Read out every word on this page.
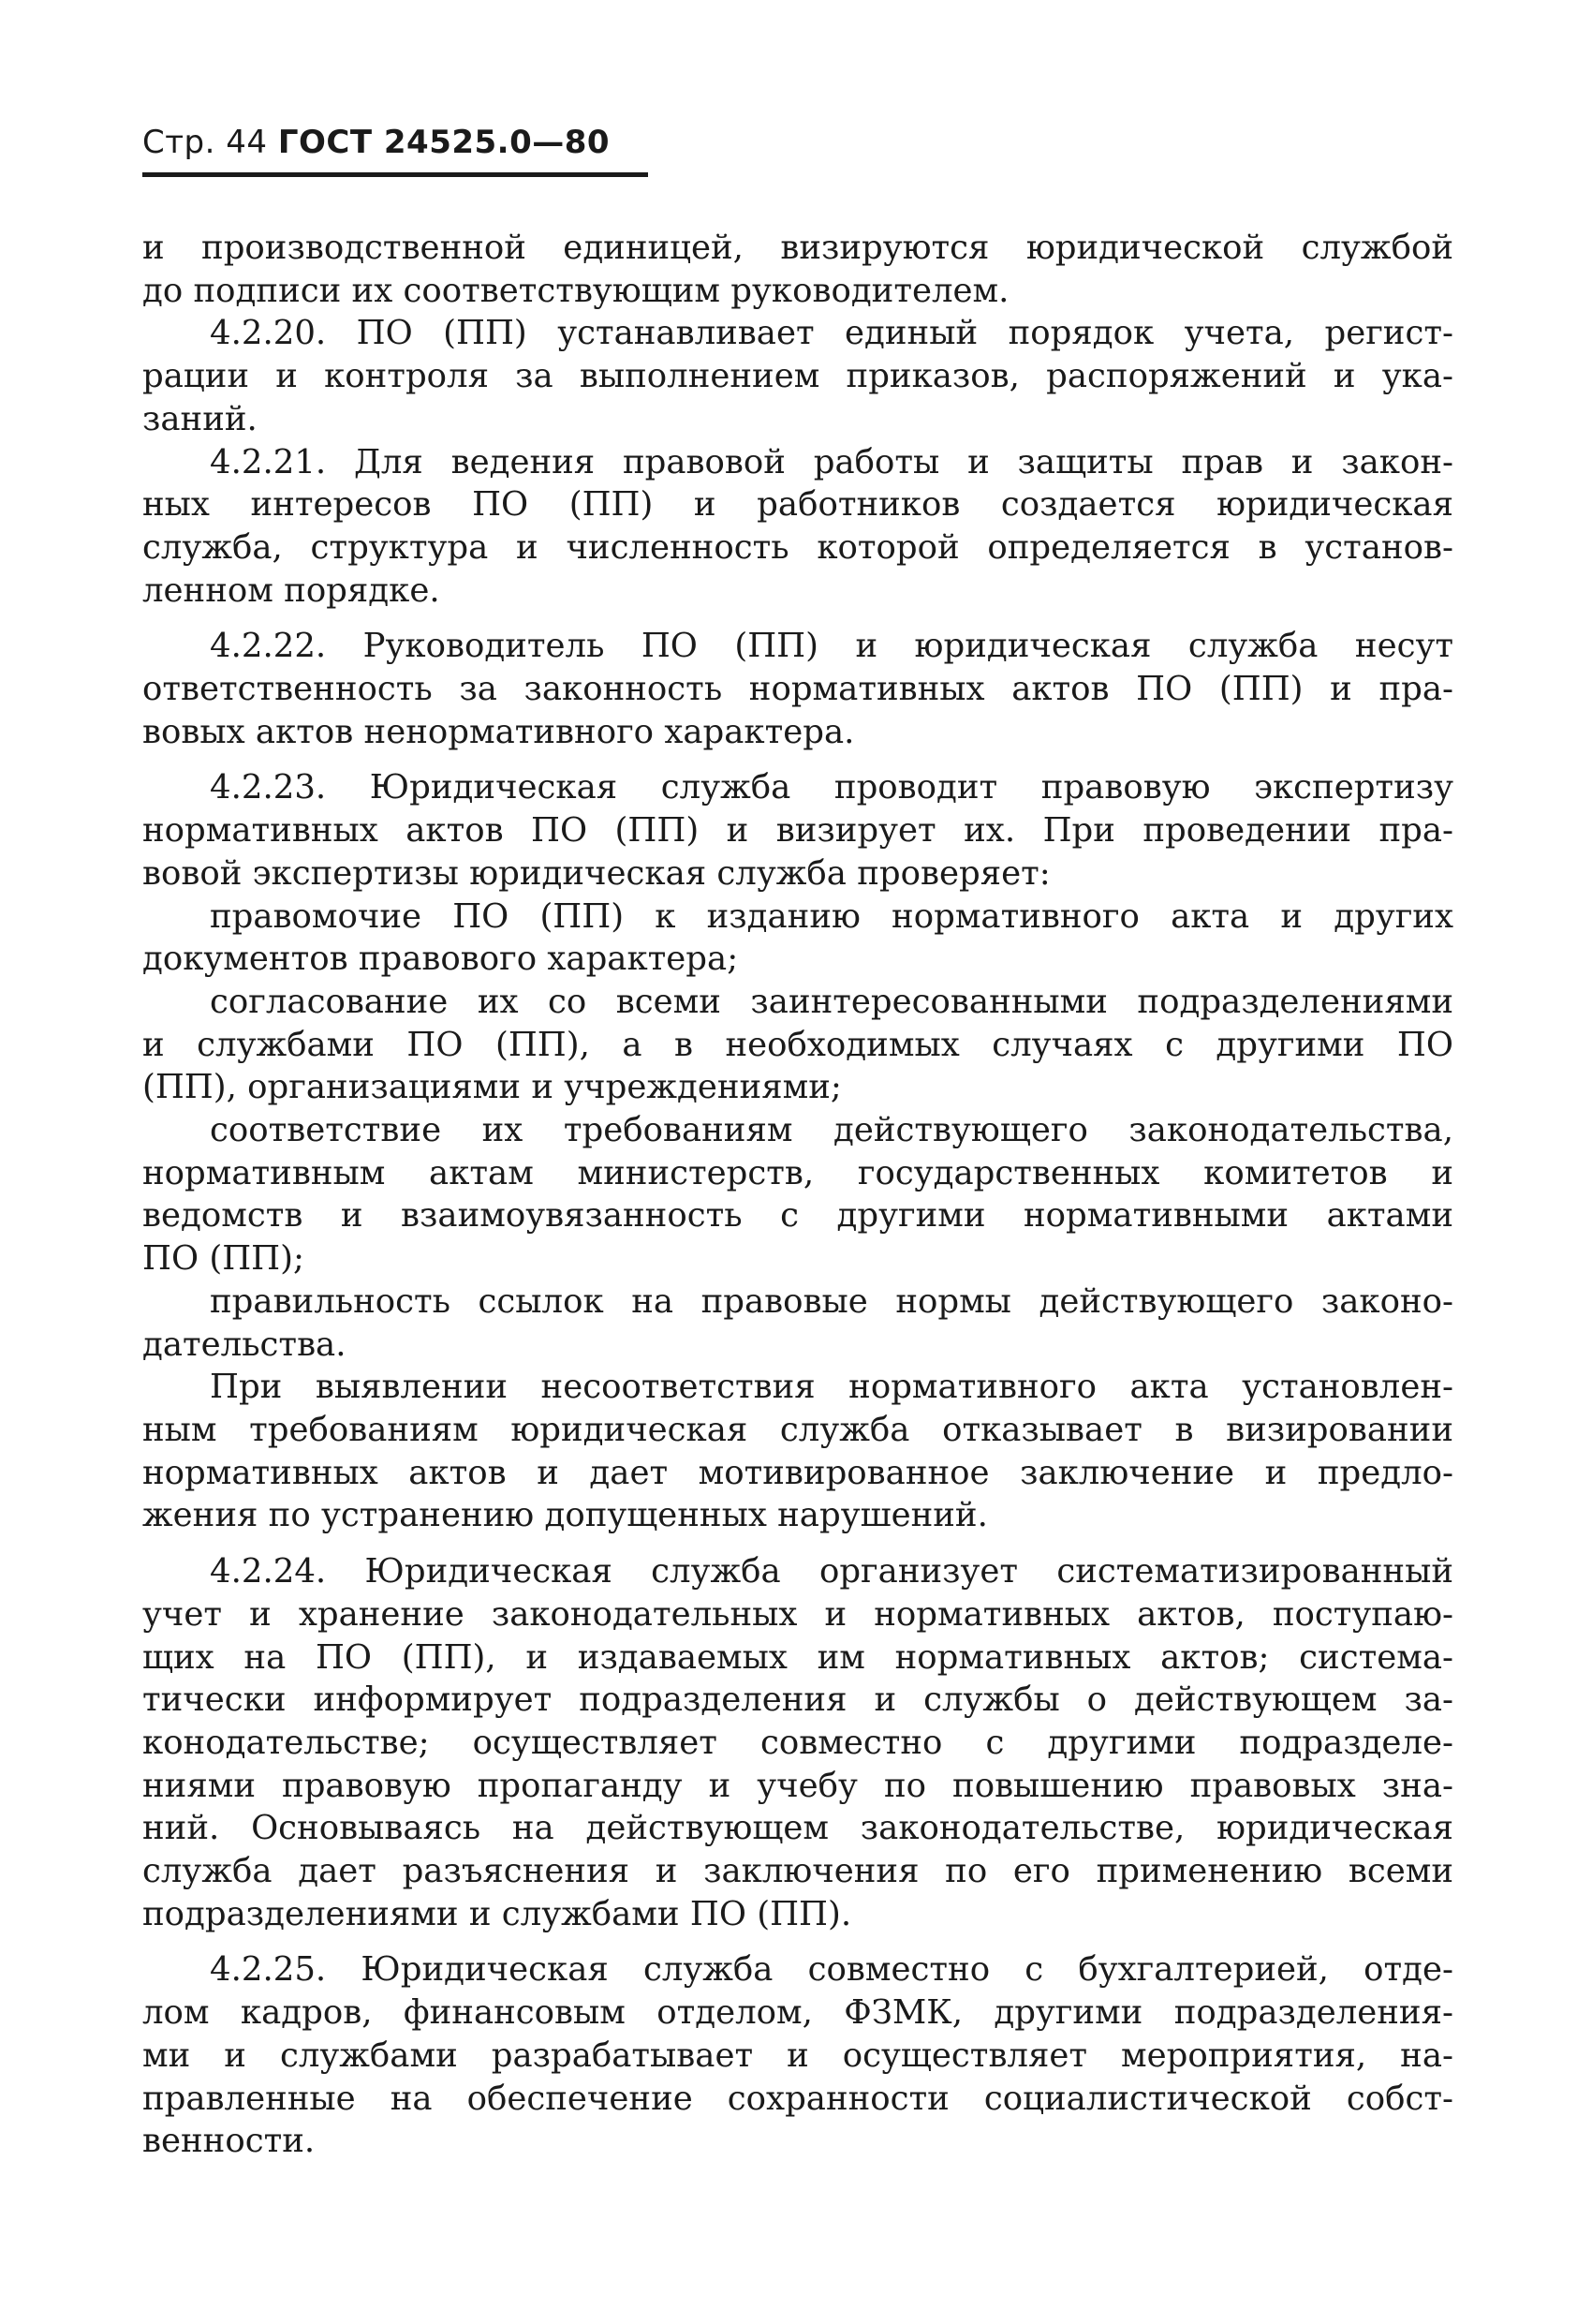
Стр. 44 ГОСТ 24525.0—80
и производственной единицей, визируются юридической службой
до подписи их соответствующим руководителем.
4.2.20. ПО (ПП) устанавливает единый порядок учета, регист-
рации и контроля за выполнением приказов, распоряжений и ука-
заний.
4.2.21. Для ведения правовой работы и защиты прав и закон-
ных интересов ПО (ПП) и работников создается юридическая
служба, структура и численность которой определяется в установ-
ленном порядке.
4.2.22. Руководитель ПО (ПП) и юридическая служба несут
ответственность за законность нормативных актов ПО (ПП) и пра-
вовых актов ненормативного характера.
4.2.23. Юридическая служба проводит правовую экспертизу
нормативных актов ПО (ПП) и визирует их. При проведении пра-
вовой экспертизы юридическая служба проверяет:
правомочие ПО (ПП) к изданию нормативного акта и других
документов правового характера;
согласование их со всеми заинтересованными подразделениями
и службами ПО (ПП), а в необходимых случаях с другими ПО
(ПП), организациями и учреждениями;
соответствие их требованиям действующего законодательства,
нормативным актам министерств, государственных комитетов и
ведомств и взаимоувязанность с другими нормативными актами
ПО (ПП);
правильность ссылок на правовые нормы действующего законо-
дательства.
При выявлении несоответствия нормативного акта установлен-
ным требованиям юридическая служба отказывает в визировании
нормативных актов и дает мотивированное заключение и предло-
жения по устранению допущенных нарушений.
4.2.24. Юридическая служба организует систематизированный
учет и хранение законодательных и нормативных актов, поступаю-
щих на ПО (ПП), и издаваемых им нормативных актов; система-
тически информирует подразделения и службы о действующем за-
конодательстве; осуществляет совместно с другими подразделе-
ниями правовую пропаганду и учебу по повышению правовых зна-
ний. Основываясь на действующем законодательстве, юридическая
служба дает разъяснения и заключения по его применению всеми
подразделениями и службами ПО (ПП).
4.2.25. Юридическая служба совместно с бухгалтерией, отде-
лом кадров, финансовым отделом, ФЗМК, другими подразделения-
ми и службами разрабатывает и осуществляет мероприятия, на-
правленные на обеспечение сохранности социалистической собст-
венности.
